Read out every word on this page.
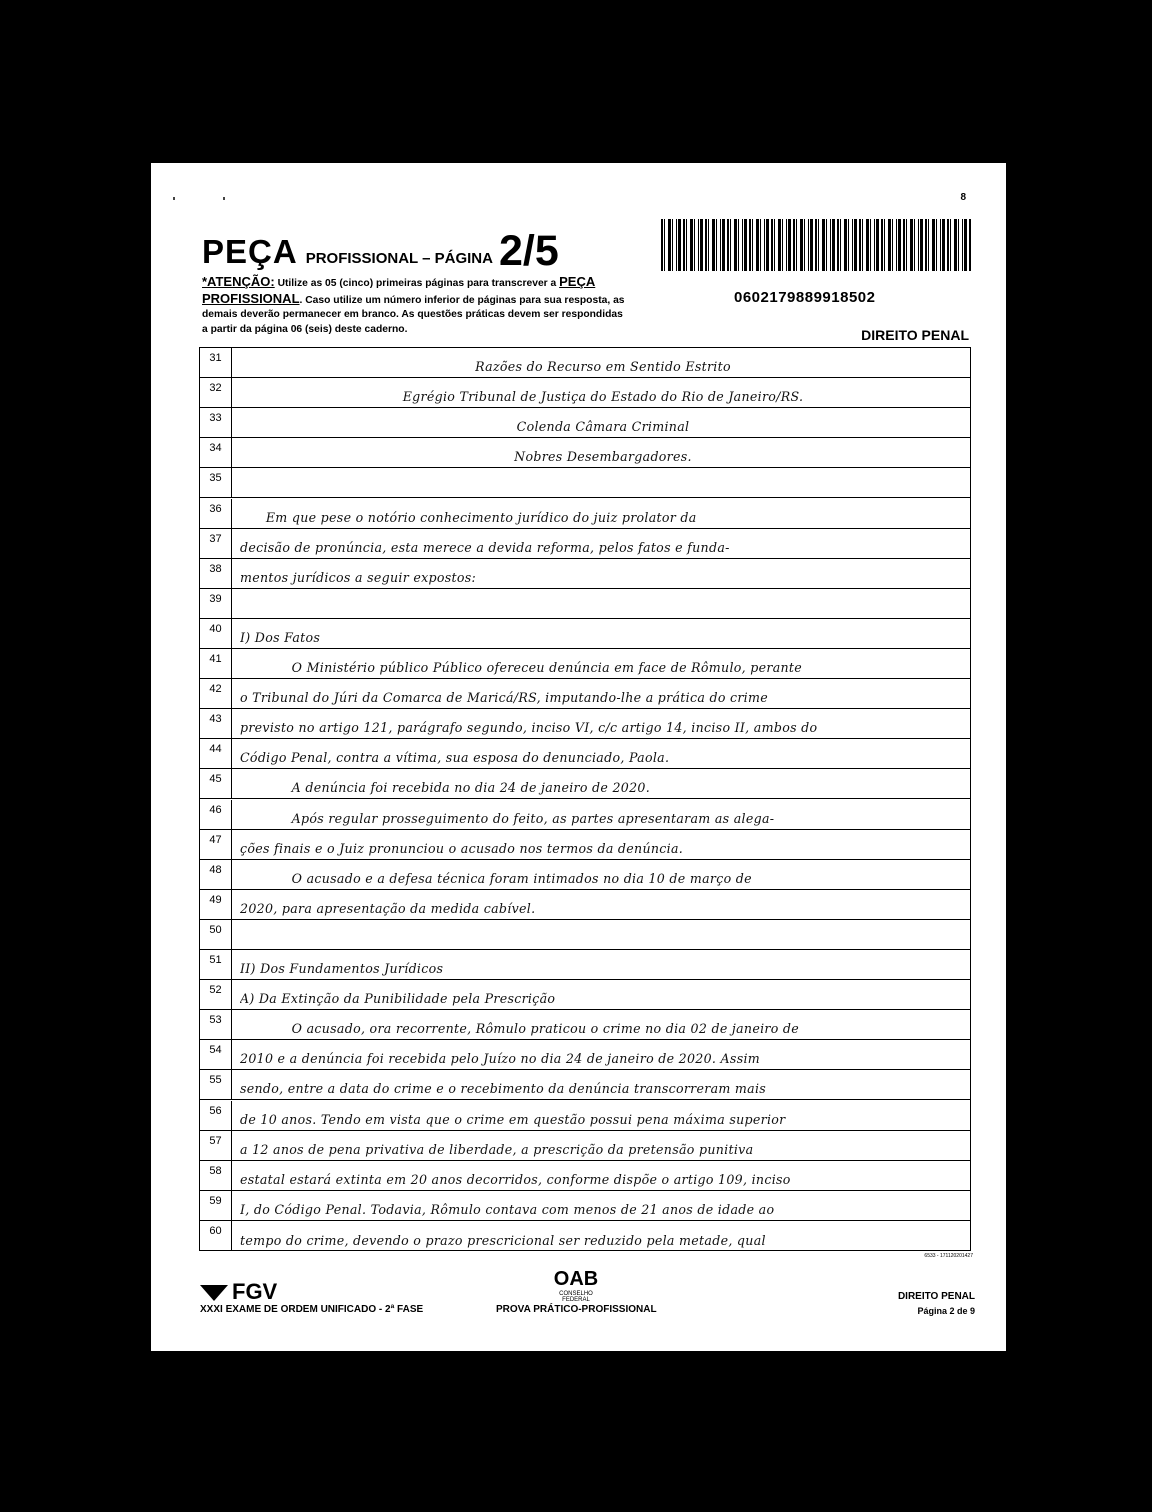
8
PEÇA PROFISSIONAL – PÁGINA 2/5
*ATENÇÃO: Utilize as 05 (cinco) primeiras páginas para transcrever a PEÇA PROFISSIONAL. Caso utilize um número inferior de páginas para sua resposta, as demais deverão permanecer em branco. As questões práticas devem ser respondidas a partir da página 06 (seis) deste caderno.
0602179889918502
DIREITO PENAL
31
Razões do Recurso em Sentido Estrito
32
Egrégio Tribunal de Justiça do Estado do Rio de Janeiro/RS.
33
Colenda Câmara Criminal
34
Nobres Desembargadores.
35
36
Em que pese o notório conhecimento jurídico do juiz prolator da
37
decisão de pronúncia, esta merece a devida reforma, pelos fatos e funda-
38
mentos jurídicos a seguir expostos:
39
40
I) Dos Fatos
41
O Ministério público Público ofereceu denúncia em face de Rômulo, perante
42
o Tribunal do Júri da Comarca de Maricá/RS, imputando-lhe a prática do crime
43
previsto no artigo 121, parágrafo segundo, inciso VI, c/c artigo 14, inciso II, ambos do
44
Código Penal, contra a vítima, sua esposa do denunciado, Paola.
45
A denúncia foi recebida no dia 24 de janeiro de 2020.
46
Após regular prosseguimento do feito, as partes apresentaram as alega-
47
ções finais e o Juiz pronunciou o acusado nos termos da denúncia.
48
O acusado e a defesa técnica foram intimados no dia 10 de março de
49
2020, para apresentação da medida cabível.
50
51
II) Dos Fundamentos Jurídicos
52
A) Da Extinção da Punibilidade pela Prescrição
53
O acusado, ora recorrente, Rômulo praticou o crime no dia 02 de janeiro de
54
2010 e a denúncia foi recebida pelo Juízo no dia 24 de janeiro de 2020. Assim
55
sendo, entre a data do crime e o recebimento da denúncia transcorreram mais
56
de 10 anos. Tendo em vista que o crime em questão possui pena máxima superior
57
a 12 anos de pena privativa de liberdade, a prescrição da pretensão punitiva
58
estatal estará extinta em 20 anos decorridos, conforme dispõe o artigo 109, inciso
59
I, do Código Penal. Todavia, Rômulo contava com menos de 21 anos de idade ao
60
tempo do crime, devendo o prazo prescricional ser reduzido pela metade, qual
6533 - 171120201427
FGV
XXXI EXAME DE ORDEM UNIFICADO - 2ª FASE
OAB
CONSELHO FEDERAL
PROVA PRÁTICO-PROFISSIONAL
DIREITO PENAL
Página 2 de 9
